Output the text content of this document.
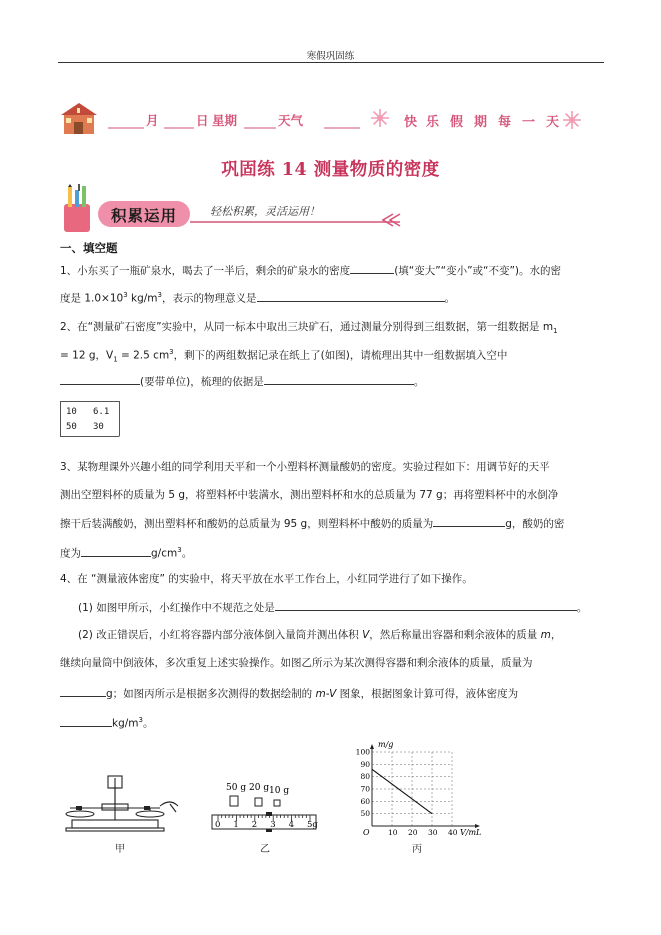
寒假巩固练
月	日 星期	天气	快 乐 假 期 每 一 天
巩固练 14 测量物质的密度
积累运用	轻松积累，灵活运用！
一、填空题
1、小东买了一瓶矿泉水，喝去了一半后，剩余的矿泉水的密度	(填“变大”“变小”或“不变”)。水的密
度是 $1.0\times 10^3$ $kg/m^3$，表示的物理意义是	。
2、在“测量矿石密度”实验中，从同一标本中取出三块矿石，通过测量分别得到三组数据，第一组数据是 $m_1$
= 12 g，$V_1 = 2.5$ $cm^3$，剩下的两组数据记录在纸上了(如图)，请梳理出其中一组数据填入空中
(要带单位)，梳理的依据是	。
10 6.1
50 30
3、某物理课外兴趣小组的同学利用天平和一个小塑料杯测量酸奶的密度。实验过程如下：用调节好的天平
测出空塑料杯的质量为 5 g，将塑料杯中装满水，测出塑料杯和水的总质量为 77 g；再将塑料杯中的水倒净
擦干后装满酸奶，测出塑料杯和酸奶的总质量为 95 g，则塑料杯中酸奶的质量为	g，酸奶的密
度为	$g/cm^3$。
4、在 “测量液体密度” 的实验中，将天平放在水平工作台上，小红同学进行了如下操作。
(1) 如图甲所示，小红操作中不规范之处是	。
(2) 改正错误后，小红将容器内部分液体倒入量筒并测出体积 V，然后称量出容器和剩余液体的质量 m，
继续向量筒中倒液体，多次重复上述实验操作。如图乙所示为某次测得容器和剩余液体的质量，质量为
g；如图丙所示是根据多次测得的数据绘制的 m-V 图象，根据图象计算可得，液体密度为
$kg/m^3$。
甲
50 g 20 g 10 g
0 1 2 3 4 5g
乙
m/g
V/mL
O 10 20 30 40
50
60
70
80
90
100
丙
